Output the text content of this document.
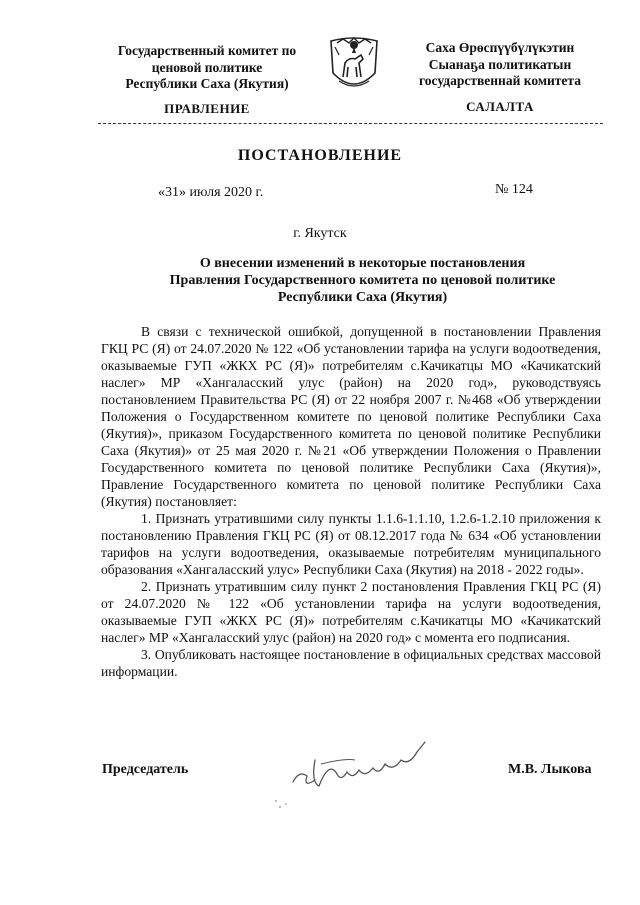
Государственный комитет по
ценовой политике
Республики Саха (Якутия)
Саха Өрөспүүбүлүкэтин
Сыанаҕа политикатын
государственнай комитета
ПРАВЛЕНИЕ	САЛАЛТА
ПОСТАНОВЛЕНИЕ
«31» июля 2020 г.	№ 124
г. Якутск
О внесении изменений в некоторые постановления
Правления Государственного комитета по ценовой политике
Республики Саха (Якутия)

В связи с технической ошибкой, допущенной в постановлении Правления ГКЦ РС (Я) от 24.07.2020 № 122 «Об установлении тарифа на услуги водоотведения, оказываемые ГУП «ЖКХ РС (Я)» потребителям с.Качикатцы МО «Качикатский наслег» МР «Хангаласский улус (район) на 2020 год», руководствуясь постановлением Правительства РС (Я) от 22 ноября 2007 г. №468 «Об утверждении Положения о Государственном комитете по ценовой политике Республики Саха (Якутия)», приказом Государственного комитета по ценовой политике Республики Саха (Якутия)» от 25 мая 2020 г. №21 «Об утверждении Положения о Правлении Государственного комитета по ценовой политике Республики Саха (Якутия)», Правление Государственного комитета по ценовой политике Республики Саха (Якутия) постановляет:

1. Признать утратившими силу пункты 1.1.6-1.1.10, 1.2.6-1.2.10 приложения к постановлению Правления ГКЦ РС (Я) от 08.12.2017 года № 634 «Об установлении тарифов на услуги водоотведения, оказываемые потребителям муниципального образования «Хангаласский улус» Республики Саха (Якутия) на 2018 - 2022 годы».

2. Признать утратившим силу пункт 2 постановления Правления ГКЦ РС (Я) от 24.07.2020 № 122 «Об установлении тарифа на услуги водоотведения, оказываемые ГУП «ЖКХ РС (Я)» потребителям с.Качикатцы МО «Качикатский наслег» МР «Хангаласский улус (район) на 2020 год» с момента его подписания.

3. Опубликовать настоящее постановление в официальных средствах массовой информации.

Председатель	М.В. Лыкова
